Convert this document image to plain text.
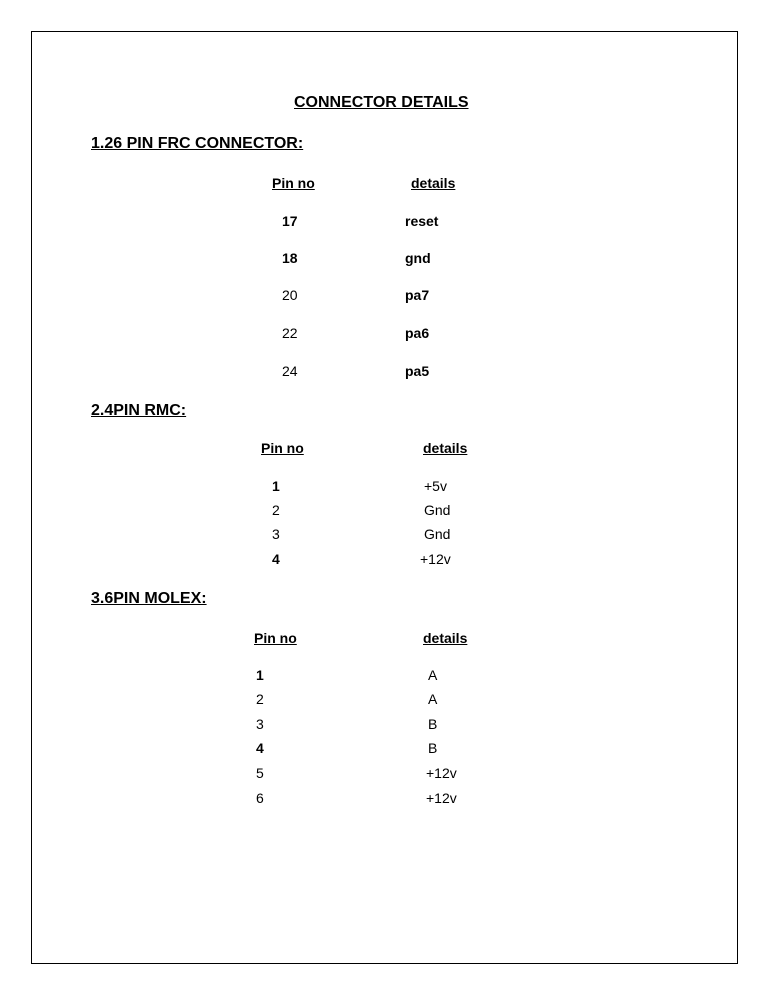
CONNECTOR DETAILS
1.26 PIN FRC CONNECTOR:
Pin no	details
17	reset
18	gnd
20	pa7
22	pa6
24	pa5
2.4PIN RMC:
Pin no	details
1	+5v
2	Gnd
3	Gnd
4	+12v
3.6PIN MOLEX:
Pin no	details
1	A
2	A
3	B
4	B
5	+12v
6	+12v
